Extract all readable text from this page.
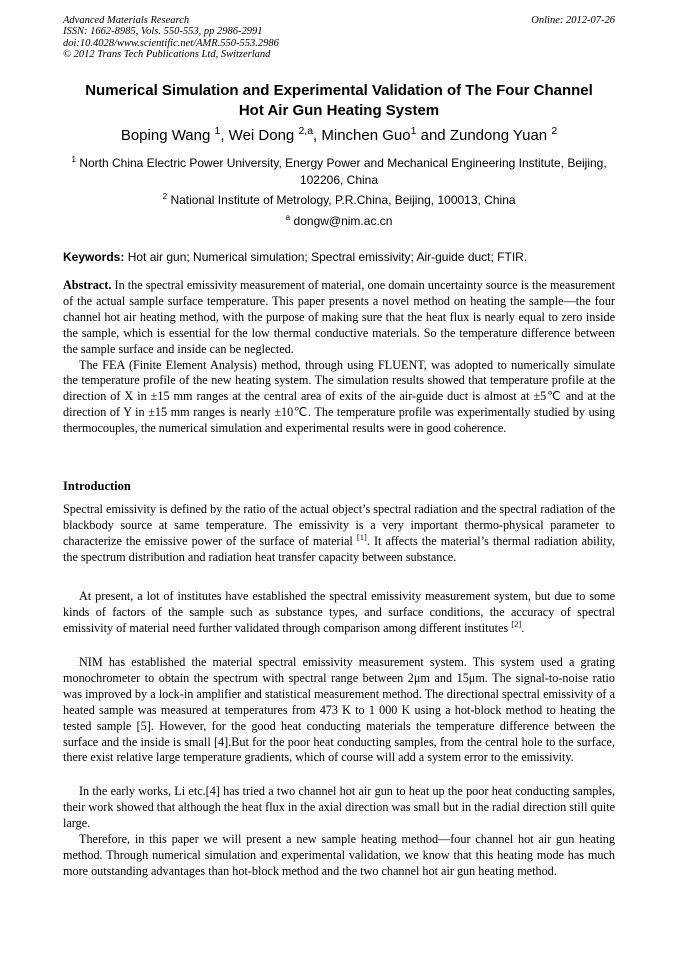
Advanced Materials Research
ISSN: 1662-8985, Vols. 550-553, pp 2986-2991
doi:10.4028/www.scientific.net/AMR.550-553.2986
© 2012 Trans Tech Publications Ltd, Switzerland
Online: 2012-07-26
Numerical Simulation and Experimental Validation of The Four Channel
Hot Air Gun Heating System
Boping Wang $^1$, Wei Dong $^{2,a}$, Minchen Guo$^1$ and Zundong Yuan $^2$
$^1$ North China Electric Power University, Energy Power and Mechanical Engineering Institute, Beijing, 102206, China
$^2$ National Institute of Metrology, P.R.China, Beijing, 100013, China
$^a$ dongw@nim.ac.cn
Keywords: Hot air gun; Numerical simulation; Spectral emissivity; Air-guide duct; FTIR.

Abstract. In the spectral emissivity measurement of material, one domain uncertainty source is the measurement of the actual sample surface temperature. This paper presents a novel method on heating the sample—the four channel hot air heating method, with the purpose of making sure that the heat flux is nearly equal to zero inside the sample, which is essential for the low thermal conductive materials. So the temperature difference between the sample surface and inside can be neglected.

The FEA (Finite Element Analysis) method, through using FLUENT, was adopted to numerically simulate the temperature profile of the new heating system. The simulation results showed that temperature profile at the direction of X in ±15 mm ranges at the central area of exits of the air-guide duct is almost at ±5℃ and at the direction of Y in ±15 mm ranges is nearly ±10℃. The temperature profile was experimentally studied by using thermocouples, the numerical simulation and experimental results were in good coherence.

Introduction
Spectral emissivity is defined by the ratio of the actual object’s spectral radiation and the spectral radiation of the blackbody source at same temperature. The emissivity is a very important thermo-physical parameter to characterize the emissive power of the surface of material [1]. It affects the material’s thermal radiation ability, the spectrum distribution and radiation heat transfer capacity between substance.
At present, a lot of institutes have established the spectral emissivity measurement system, but due to some kinds of factors of the sample such as substance types, and surface conditions, the accuracy of spectral emissivity of material need further validated through comparison among different institutes [2].
NIM has established the material spectral emissivity measurement system. This system used a grating monochrometer to obtain the spectrum with spectral range between 2μm and 15μm. The signal-to-noise ratio was improved by a lock-in amplifier and statistical measurement method. The directional spectral emissivity of a heated sample was measured at temperatures from 473 K to 1 000 K using a hot-block method to heating the tested sample [5]. However, for the good heat conducting materials the temperature difference between the surface and the inside is small [4].But for the poor heat conducting samples, from the central hole to the surface, there exist relative large temperature gradients, which of course will add a system error to the emissivity.
In the early works, Li etc.[4] has tried a two channel hot air gun to heat up the poor heat conducting samples, their work showed that although the heat flux in the axial direction was small but in the radial direction still quite large.
Therefore, in this paper we will present a new sample heating method—four channel hot air gun heating method. Through numerical simulation and experimental validation, we know that this heating mode has much more outstanding advantages than hot-block method and the two channel hot air gun heating method.
